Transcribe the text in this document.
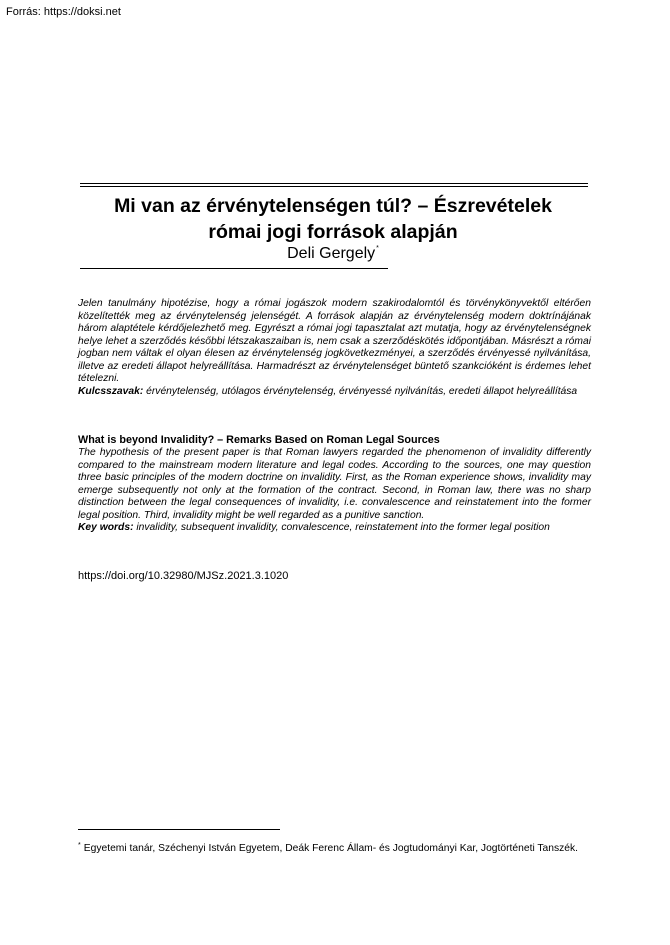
Forrás: https://doksi.net
Mi van az érvénytelenségen túl? – Észrevételek
római jogi források alapján
Deli Gergely*
Jelen tanulmány hipotézise, hogy a római jogászok modern szakirodalomtól és törvénykönyvektől eltérően közelítették meg az érvénytelenség jelenségét. A források alapján az érvénytelenség modern doktrínájának három alaptétele kérdőjelezhető meg. Egyrészt a római jogi tapasztalat azt mutatja, hogy az érvénytelenségnek helye lehet a szerződés későbbi létszakaszaiban is, nem csak a szerződéskötés időpontjában. Másrészt a római jogban nem váltak el olyan élesen az érvénytelenség jogkövetkezményei, a szerződés érvényessé nyilvánítása, illetve az eredeti állapot helyreállítása. Harmadrészt az érvénytelenséget büntető szankcióként is érdemes lehet tételezni.
Kulcsszavak: érvénytelenség, utólagos érvénytelenség, érvényessé nyilvánítás, eredeti állapot helyreállítása
What is beyond Invalidity? – Remarks Based on Roman Legal Sources
The hypothesis of the present paper is that Roman lawyers regarded the phenomenon of invalidity differently compared to the mainstream modern literature and legal codes. According to the sources, one may question three basic principles of the modern doctrine on invalidity. First, as the Roman experience shows, invalidity may emerge subsequently not only at the formation of the contract. Second, in Roman law, there was no sharp distinction between the legal consequences of invalidity, i.e. convalescence and reinstatement into the former legal position. Third, invalidity might be well regarded as a punitive sanction.
Key words: invalidity, subsequent invalidity, convalescence, reinstatement into the former legal position
https://doi.org/10.32980/MJSz.2021.3.1020
* Egyetemi tanár, Széchenyi István Egyetem, Deák Ferenc Állam- és Jogtudományi Kar, Jogtörténeti Tanszék.
